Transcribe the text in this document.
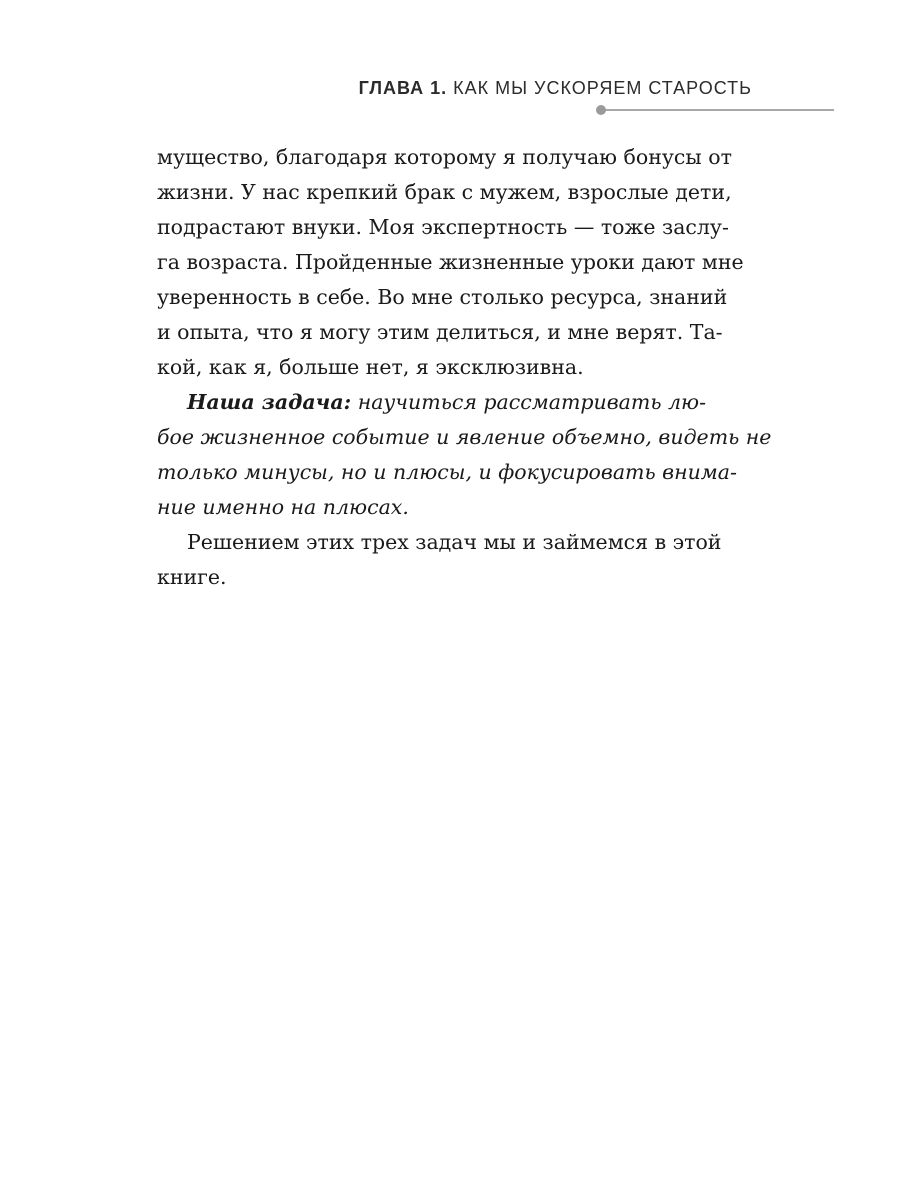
ГЛАВА 1. КАК МЫ УСКОРЯЕМ СТАРОСТЬ

мущество, благодаря которому я получаю бонусы от
жизни. У нас крепкий брак с мужем, взрослые дети,
подрастают внуки. Моя экспертность — тоже заслу-
га возраста. Пройденные жизненные уроки дают мне
уверенность в себе. Во мне столько ресурса, знаний
и опыта, что я могу этим делиться, и мне верят. Та-
кой, как я, больше нет, я эксклюзивна.

Наша задача: научиться рассматривать лю-
бое жизненное событие и явление объемно, видеть не
только минусы, но и плюсы, и фокусировать внима-
ние именно на плюсах.

Решением этих трех задач мы и займемся в этой
книге.
